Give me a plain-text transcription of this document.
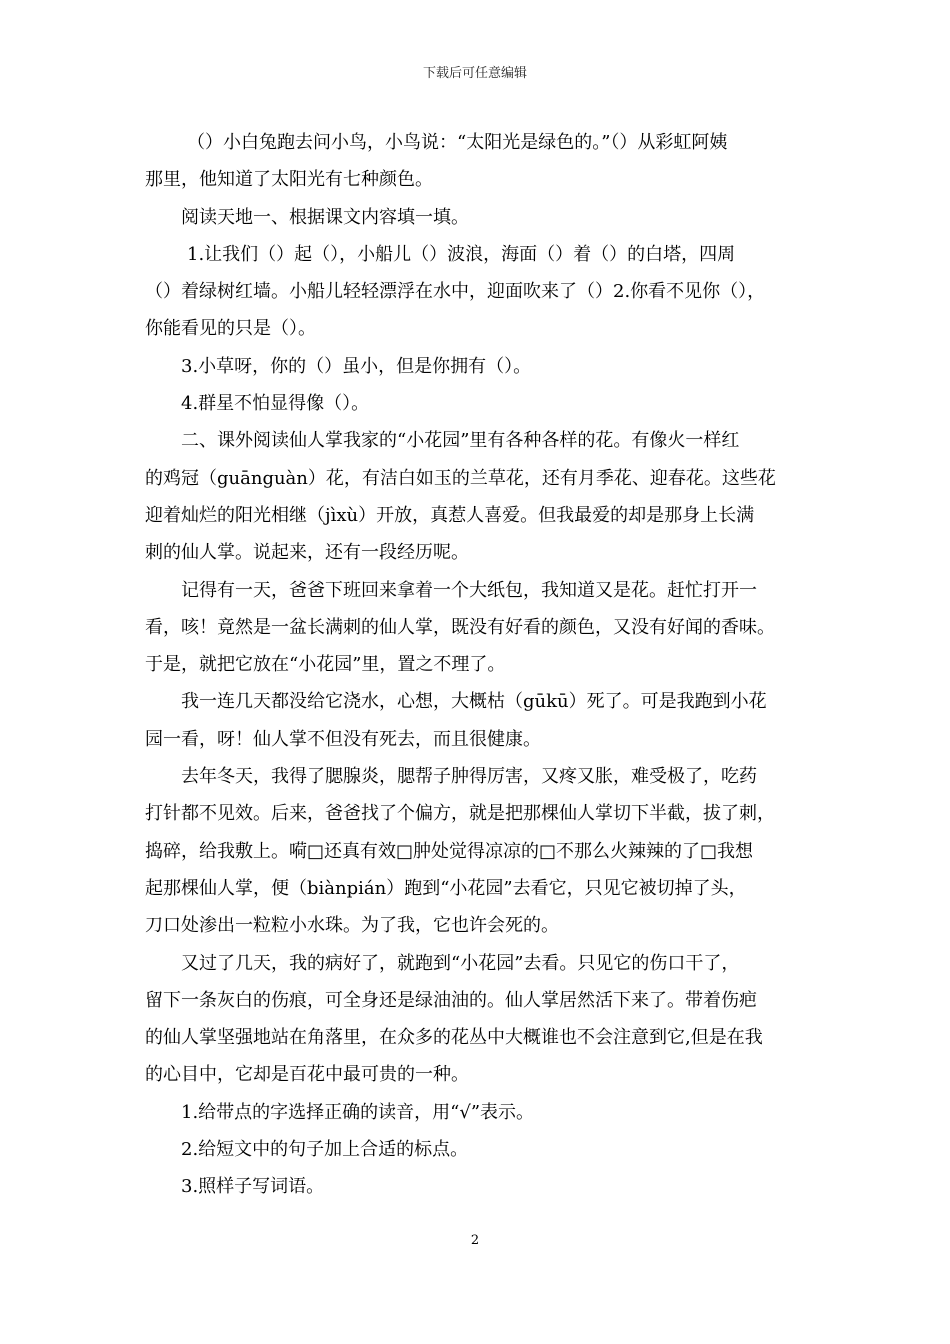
下载后可任意编辑

（）小白兔跑去问小鸟，小鸟说：“太阳光是绿色的。”（）从彩虹阿姨
那里，他知道了太阳光有七种颜色。

阅读天地一、根据课文内容填一填。

1.让我们（）起（），小船儿（）波浪，海面（）着（）的白塔，四周
（）着绿树红墙。小船儿轻轻漂浮在水中，迎面吹来了（）2.你看不见你（），
你能看见的只是（）。

3.小草呀，你的（）虽小，但是你拥有（）。

4.群星不怕显得像（）。

二、课外阅读仙人掌我家的“小花园”里有各种各样的花。有像火一样红
的鸡冠（guānguàn）花，有洁白如玉的兰草花，还有月季花、迎春花。这些花
迎着灿烂的阳光相继（jìxù）开放，真惹人喜爱。但我最爱的却是那身上长满
刺的仙人掌。说起来，还有一段经历呢。

记得有一天，爸爸下班回来拿着一个大纸包，我知道又是花。赶忙打开一
看，咳！竟然是一盆长满刺的仙人掌，既没有好看的颜色，又没有好闻的香味。
于是，就把它放在“小花园”里，置之不理了。

我一连几天都没给它浇水，心想，大概枯（gūkū）死了。可是我跑到小花
园一看，呀！仙人掌不但没有死去，而且很健康。

去年冬天，我得了腮腺炎，腮帮子肿得厉害，又疼又胀，难受极了，吃药
打针都不见效。后来，爸爸找了个偏方，就是把那棵仙人掌切下半截，拔了刺，
捣碎，给我敷上。嗬□还真有效□肿处觉得凉凉的□不那么火辣辣的了□我想
起那棵仙人掌，便（biànpián）跑到“小花园”去看它，只见它被切掉了头，
刀口处渗出一粒粒小水珠。为了我，它也许会死的。

又过了几天，我的病好了，就跑到“小花园”去看。只见它的伤口干了，
留下一条灰白的伤痕，可全身还是绿油油的。仙人掌居然活下来了。带着伤疤
的仙人掌坚强地站在角落里，在众多的花丛中大概谁也不会注意到它,但是在我
的心目中，它却是百花中最可贵的一种。

1.给带点的字选择正确的读音，用“√”表示。

2.给短文中的句子加上合适的标点。

3.照样子写词语。

2
